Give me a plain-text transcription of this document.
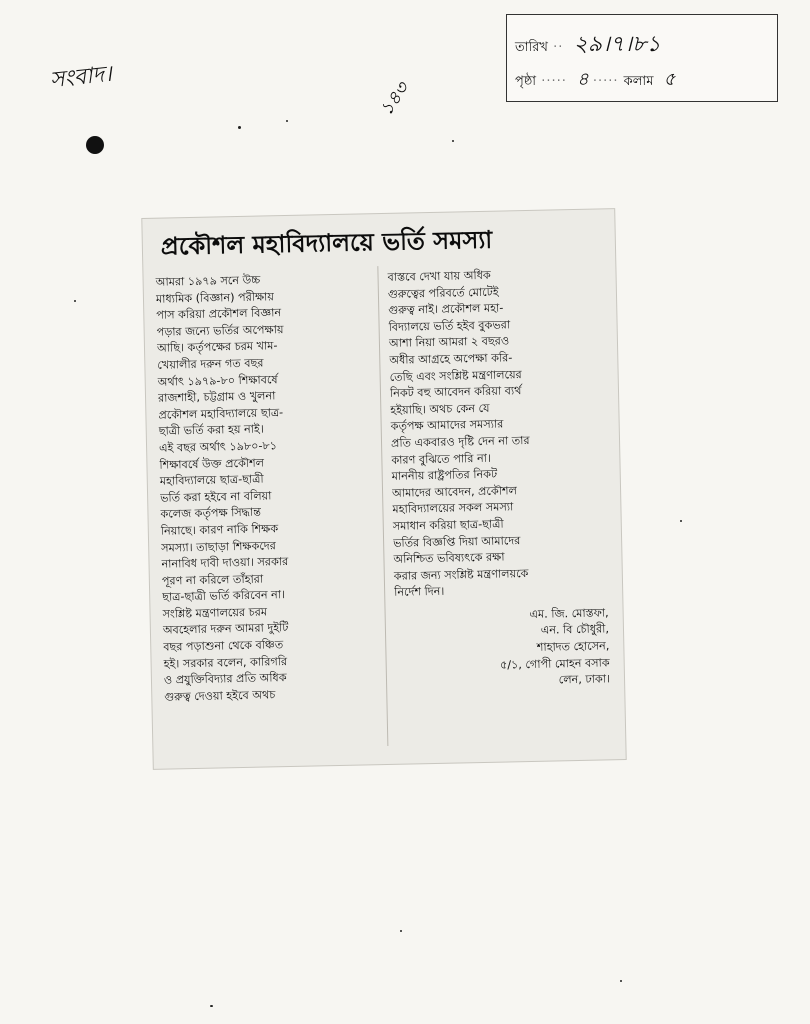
সংবাদ।
১৪৩
তারিখ ·· ২৯।৭।৮১
পৃষ্ঠা ····· ৪ ····· কলাম ৫
প্রকৌশল মহাবিদ্যালয়ে ভর্তি সমস্যা
আমরা ১৯৭৯ সনে উচ্চ
মাধ্যমিক (বিজ্ঞান) পরীক্ষায়
পাস করিয়া প্রকৌশল বিজ্ঞান
পড়ার জন্যে ভর্তির অপেক্ষায়
আছি। কর্তৃপক্ষের চরম খাম-
খেয়ালীর দরুন গত বছর
অর্থাৎ ১৯৭৯-৮০ শিক্ষাবর্ষে
রাজশাহী, চট্টগ্রাম ও খুলনা
প্রকৌশল মহাবিদ্যালয়ে ছাত্র-
ছাত্রী ভর্তি করা হয় নাই।
এই বছর অর্থাৎ ১৯৮০-৮১
শিক্ষাবর্ষে উক্ত প্রকৌশল
মহাবিদ্যালয়ে ছাত্র-ছাত্রী
ভর্তি করা হইবে না বলিয়া
কলেজ কর্তৃপক্ষ সিদ্ধান্ত
নিয়াছে। কারণ নাকি শিক্ষক
সমস্যা। তাছাড়া শিক্ষকদের
নানাবিধ দাবী দাওয়া। সরকার
পূরণ না করিলে তাঁহারা
ছাত্র-ছাত্রী ভর্তি করিবেন না।
সংশ্লিষ্ট মন্ত্রণালয়ের চরম
অবহেলার দরুন আমরা দুইটি
বছর পড়াশুনা থেকে বঞ্চিত
হই। সরকার বলেন, কারিগরি
ও প্রযুক্তিবিদ্যার প্রতি অধিক
গুরুত্ব দেওয়া হইবে অথচ
বাস্তবে দেখা যায় অধিক
গুরুত্বের পরিবর্তে মোটেই
গুরুত্ব নাই। প্রকৌশল মহা-
বিদ্যালয়ে ভর্তি হইব বুকভরা
আশা নিয়া আমরা ২ বছরও
অধীর আগ্রহে অপেক্ষা করি-
তেছি এবং সংশ্লিষ্ট মন্ত্রণালয়ের
নিকট বহু আবেদন করিয়া ব্যর্থ
হইয়াছি। অথচ কেন যে
কর্তৃপক্ষ আমাদের সমস্যার
প্রতি একবারও দৃষ্টি দেন না তার
কারণ বুঝিতে পারি না।
মাননীয় রাষ্ট্রপতির নিকট
আমাদের আবেদন, প্রকৌশল
মহাবিদ্যালয়ের সকল সমস্যা
সমাধান করিয়া ছাত্র-ছাত্রী
ভর্তির বিজ্ঞপ্তি দিয়া আমাদের
অনিশ্চিত ভবিষ্যৎকে রক্ষা
করার জন্য সংশ্লিষ্ট মন্ত্রণালয়কে
নির্দেশ দিন।
এম. জি. মোস্তফা,
এন. বি চৌধুরী,
শাহাদত হোসেন,
৫/১, গোপী মোহন বসাক
লেন, ঢাকা।
